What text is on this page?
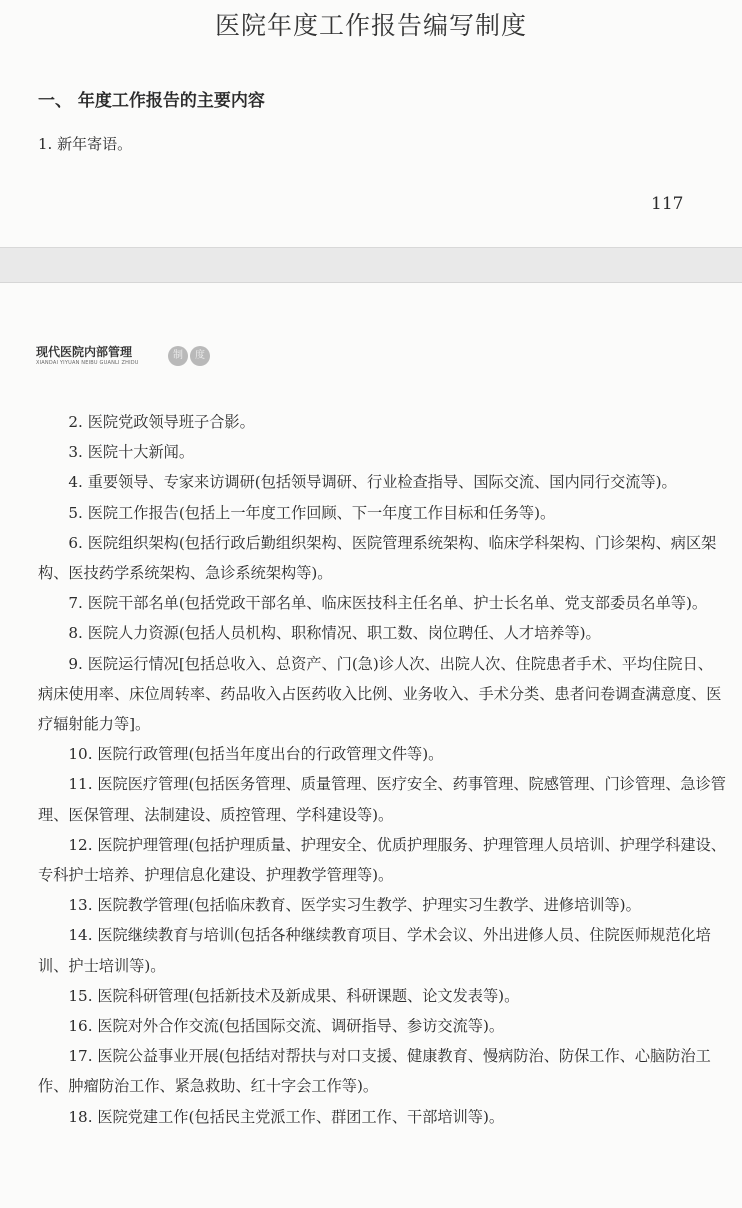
医院年度工作报告编写制度
一、 年度工作报告的主要内容
1. 新年寄语。
117
现代医院内部管理
XIANDAI YIYUAN NEIBU GUANLI ZHIDU
制	度

2. 医院党政领导班子合影。

3. 医院十大新闻。

4. 重要领导、专家来访调研(包括领导调研、行业检查指导、国际交流、国内同行交流等)。

5. 医院工作报告(包括上一年度工作回顾、下一年度工作目标和任务等)。

6. 医院组织架构(包括行政后勤组织架构、医院管理系统架构、临床学科架构、门诊架构、病区架构、医技药学系统架构、急诊系统架构等)。

7. 医院干部名单(包括党政干部名单、临床医技科主任名单、护士长名单、党支部委员名单等)。

8. 医院人力资源(包括人员机构、职称情况、职工数、岗位聘任、人才培养等)。

9. 医院运行情况[包括总收入、总资产、门(急)诊人次、出院人次、住院患者手术、平均住院日、病床使用率、床位周转率、药品收入占医药收入比例、业务收入、手术分类、患者问卷调查满意度、医疗辐射能力等]。

10. 医院行政管理(包括当年度出台的行政管理文件等)。

11. 医院医疗管理(包括医务管理、质量管理、医疗安全、药事管理、院感管理、门诊管理、急诊管理、医保管理、法制建设、质控管理、学科建设等)。

12. 医院护理管理(包括护理质量、护理安全、优质护理服务、护理管理人员培训、护理学科建设、专科护士培养、护理信息化建设、护理教学管理等)。

13. 医院教学管理(包括临床教育、医学实习生教学、护理实习生教学、进修培训等)。

14. 医院继续教育与培训(包括各种继续教育项目、学术会议、外出进修人员、住院医师规范化培训、护士培训等)。

15. 医院科研管理(包括新技术及新成果、科研课题、论文发表等)。

16. 医院对外合作交流(包括国际交流、调研指导、参访交流等)。

17. 医院公益事业开展(包括结对帮扶与对口支援、健康教育、慢病防治、防保工作、心脑防治工作、肿瘤防治工作、紧急救助、红十字会工作等)。

18. 医院党建工作(包括民主党派工作、群团工作、干部培训等)。
